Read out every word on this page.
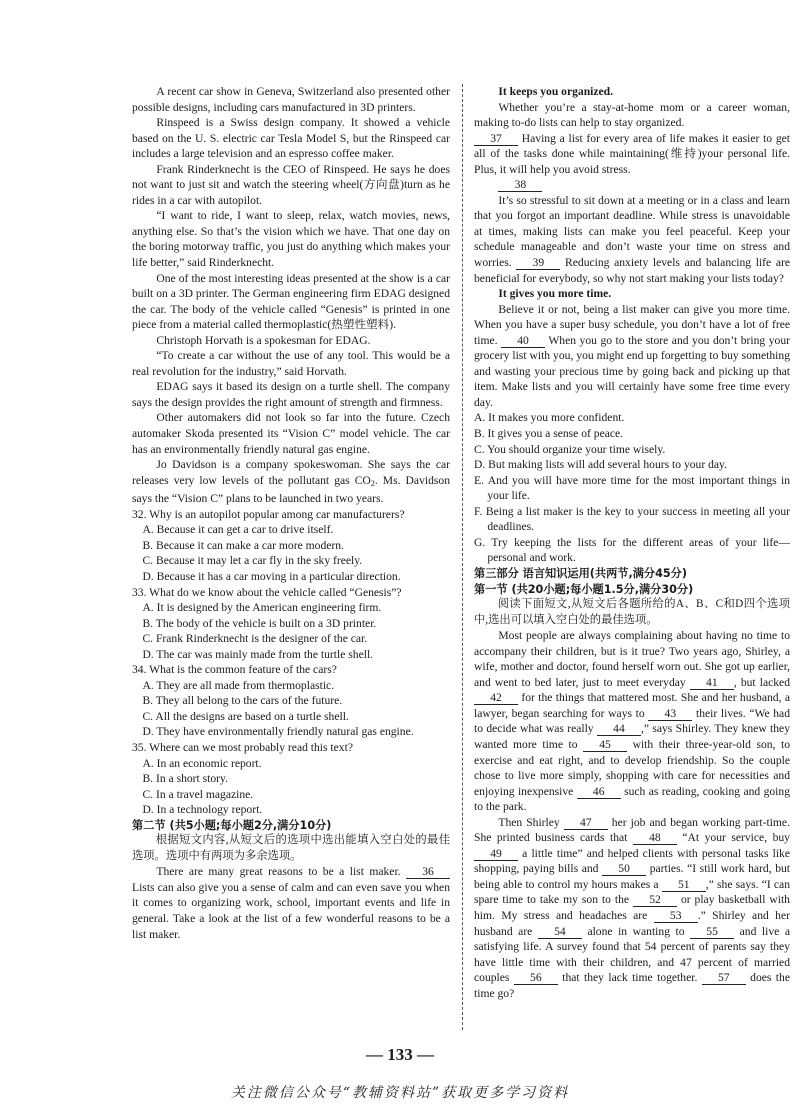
A recent car show in Geneva, Switzerland also presented other possible designs, including cars manufactured in 3D printers.

Rinspeed is a Swiss design company. It showed a vehicle based on the U. S. electric car Tesla Model S, but the Rinspeed car includes a large television and an espresso coffee maker.

Frank Rinderknecht is the CEO of Rinspeed. He says he does not want to just sit and watch the steering wheel(方向盘)turn as he rides in a car with autopilot.

“I want to ride, I want to sleep, relax, watch movies, news, anything else. So that’s the vision which we have. That one day on the boring motorway traffic, you just do anything which makes your life better,” said Rinderknecht.

One of the most interesting ideas presented at the show is a car built on a 3D printer. The German engineering firm EDAG designed the car. The body of the vehicle called “Genesis” is printed in one piece from a material called thermoplastic(热塑性塑料).

Christoph Horvath is a spokesman for EDAG.

“To create a car without the use of any tool. This would be a real revolution for the industry,” said Horvath.

EDAG says it based its design on a turtle shell. The company says the design provides the right amount of strength and firmness.

Other automakers did not look so far into the future. Czech automaker Skoda presented its “Vision C” model vehicle. The car has an environmentally friendly natural gas engine.

Jo Davidson is a company spokeswoman. She says the car releases very low levels of the pollutant gas $CO_2$. Ms. Davidson says the “Vision C” plans to be launched in two years.

32. Why is an autopilot popular among car manufacturers?

A. Because it can get a car to drive itself.

B. Because it can make a car more modern.

C. Because it may let a car fly in the sky freely.

D. Because it has a car moving in a particular direction.

33. What do we know about the vehicle called “Genesis”?

A. It is designed by the American engineering firm.

B. The body of the vehicle is built on a 3D printer.

C. Frank Rinderknecht is the designer of the car.

D. The car was mainly made from the turtle shell.

34. What is the common feature of the cars?

A. They are all made from thermoplastic.

B. They all belong to the cars of the future.

C. All the designs are based on a turtle shell.

D. They have environmentally friendly natural gas engine.

35. Where can we most probably read this text?

A. In an economic report.

B. In a short story.

C. In a travel magazine.

D. In a technology report.

第二节 (共5小题;每小题2分,满分10分)

根据短文内容,从短文后的选项中选出能填入空白处的最佳选项。选项中有两项为多余选项。

There are many great reasons to be a list maker. 36 Lists can also give you a sense of calm and can even save you when it comes to organizing work, school, important events and life in general. Take a look at the list of a few wonderful reasons to be a list maker.

It keeps you organized.

Whether you’re a stay-at-home mom or a career woman, making to-do lists can help to stay organized.

37 Having a list for every area of life makes it easier to get all of the tasks done while maintaining(维持)your personal life. Plus, it will help you avoid stress.

38

It’s so stressful to sit down at a meeting or in a class and learn that you forgot an important deadline. While stress is unavoidable at times, making lists can make you feel peaceful. Keep your schedule manageable and don’t waste your time on stress and worries. 39 Reducing anxiety levels and balancing life are beneficial for everybody, so why not start making your lists today?

It gives you more time.

Believe it or not, being a list maker can give you more time. When you have a super busy schedule, you don’t have a lot of free time. 40 When you go to the store and you don’t bring your grocery list with you, you might end up forgetting to buy something and wasting your precious time by going back and picking up that item. Make lists and you will certainly have some free time every day.

A. It makes you more confident.

B. It gives you a sense of peace.

C. You should organize your time wisely.

D. But making lists will add several hours to your day.

E. And you will have more time for the most important things in your life.

F. Being a list maker is the key to your success in meeting all your deadlines.

G. Try keeping the lists for the different areas of your life—personal and work.

第三部分 语言知识运用(共两节,满分45分)

第一节 (共20小题;每小题1.5分,满分30分)

阅读下面短文,从短文后各题所给的A、B、C和D四个选项中,选出可以填入空白处的最佳选项。

Most people are always complaining about having no time to accompany their children, but is it true? Two years ago, Shirley, a wife, mother and doctor, found herself worn out. She got up earlier, and went to bed later, just to meet everyday 41 , but lacked 42 for the things that mattered most. She and her husband, a lawyer, began searching for ways to 43 their lives. “We had to decide what was really 44 ,” says Shirley. They knew they wanted more time to 45 with their three-year-old son, to exercise and eat right, and to develop friendship. So the couple chose to live more simply, shopping with care for necessities and enjoying inexpensive 46 such as reading, cooking and going to the park.

Then Shirley 47 her job and began working part-time. She printed business cards that 48 “At your service, buy 49 a little time” and helped clients with personal tasks like shopping, paying bills and 50 parties. “I still work hard, but being able to control my hours makes a 51 ,” she says. “I can spare time to take my son to the 52 or play basketball with him. My stress and headaches are 53 .” Shirley and her husband are 54 alone in wanting to 55 and live a satisfying life. A survey found that 54 percent of parents say they have little time with their children, and 47 percent of married couples 56 that they lack time together. 57 does the time go?

— 133 —
关注微信公众号“教辅资料站”获取更多学习资料
